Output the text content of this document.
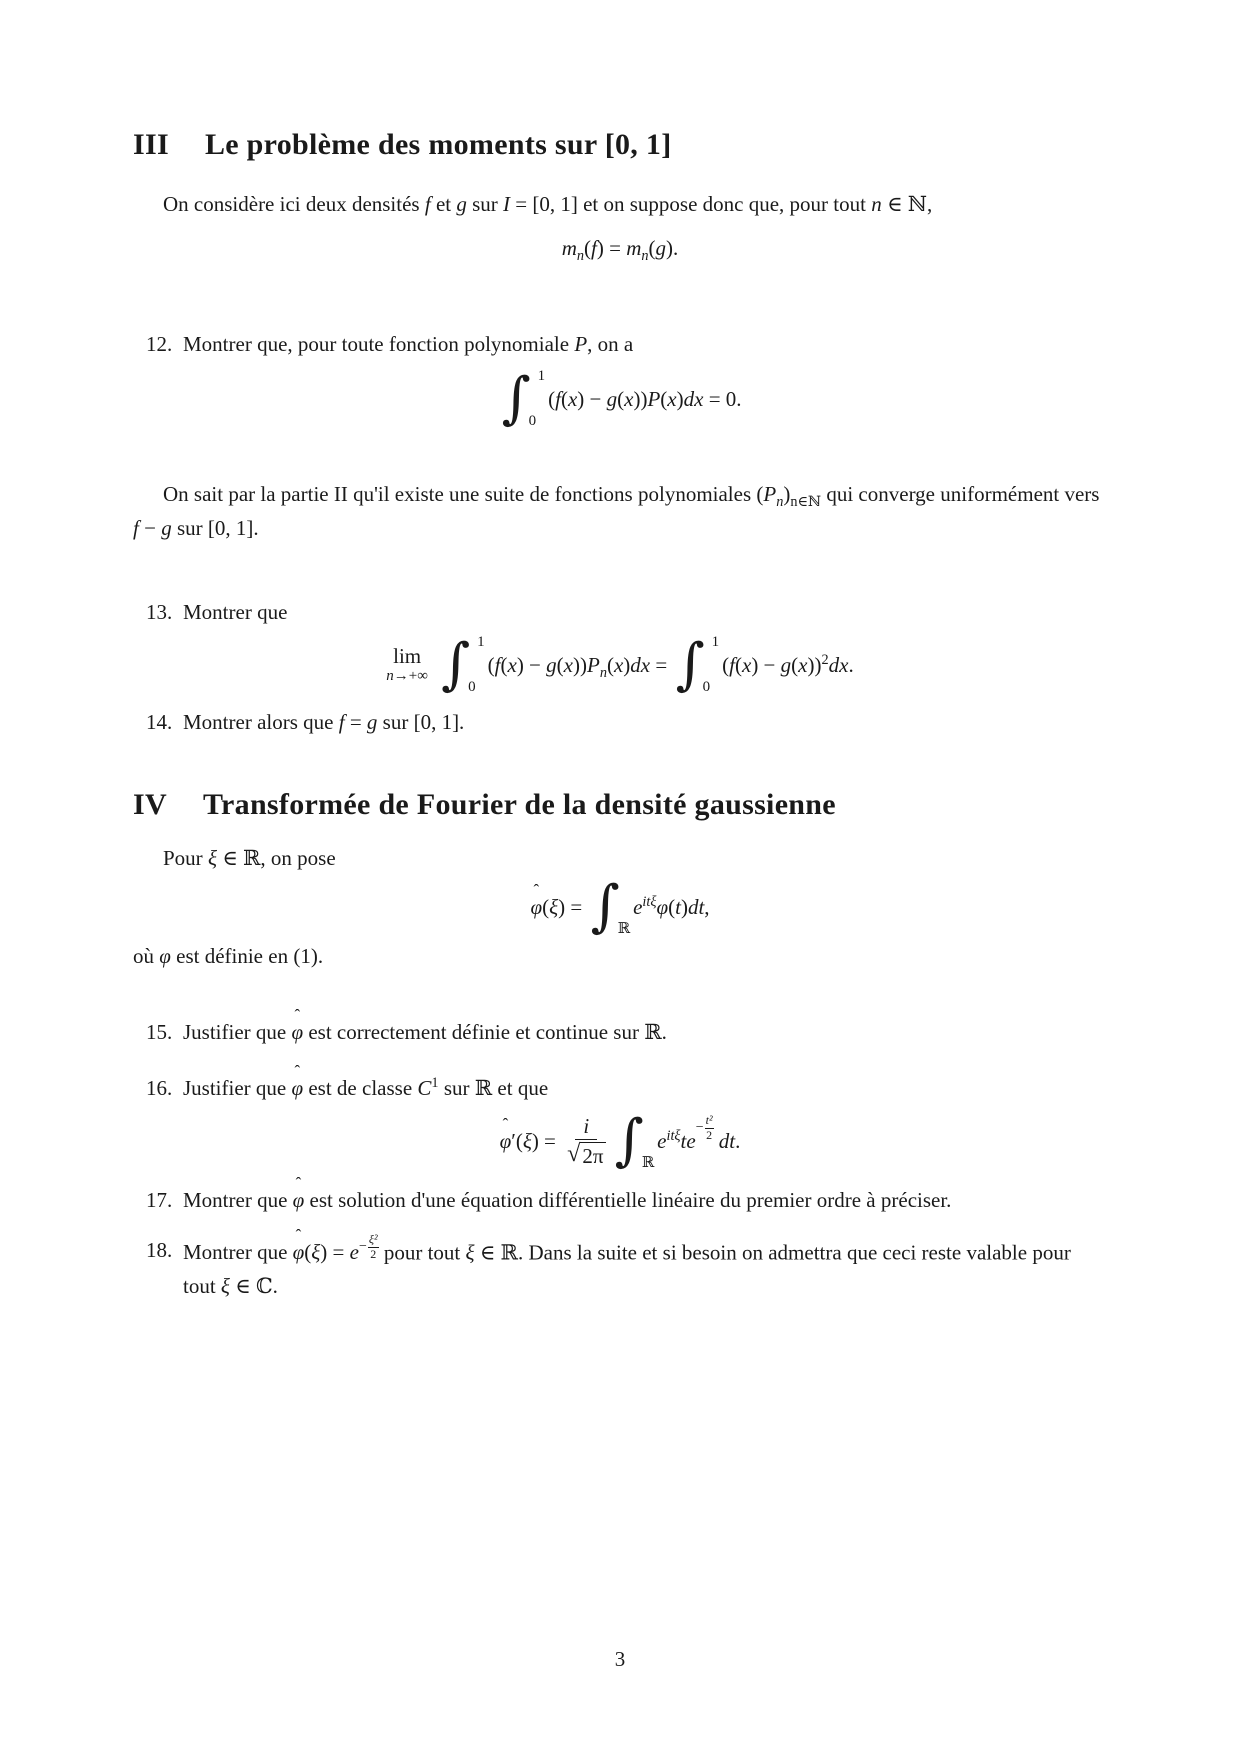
III Le problème des moments sur [0, 1]

On considère ici deux densités f et g sur I = [0, 1] et on suppose donc que, pour tout n ∈ ℕ,

$m_n(f) = m_n(g)$.
12. Montrer que, pour toute fonction polynomiale P, on a
∫ 1
0
(f(x) − g(x))P(x)dx = 0.

On sait par la partie II qu'il existe une suite de fonctions polynomiales $(P_n)_{n\in ℕ}$ qui converge uniformément vers f − g sur [0, 1].

13. Montrer que
lim
n→+∞ ∫ 1
0
$(f(x) - g(x))P_n(x)dx$ = ∫ 1
0
$(f(x) - g(x))^2dx$.
14. Montrer alors que f = g sur [0, 1].
IV Transformée de Fourier de la densité gaussienne

Pour ξ ∈ ℝ, on pose

ˆ
φ(ξ) = ∫
ℝ
$e^{it\xi}\varphi(t)dt$,

où φ est définie en (1).

15. Justifier que
ˆ
φ est correctement définie et continue sur ℝ.
16. Justifier que
ˆ
φ est de classe $C^1$ sur ℝ et que
ˆ
$\varphi'(\xi) = \frac{i}{√ 2\pi}$ ∫
ℝ
$e^{it\xi}te$
$^{- \frac{\text{t²}}{2}}$ dt.
17. Montrer que
ˆ
φ est solution d'une équation différentielle linéaire du premier ordre à préciser.
18. Montrer que
ˆ
φ(ξ) = e $^{- \frac{\text{ξ²}}{2}}$ pour tout ξ ∈ ℝ. Dans la suite et si besoin on admettra que ceci reste valable pour tout ξ ∈ ℂ.
3
